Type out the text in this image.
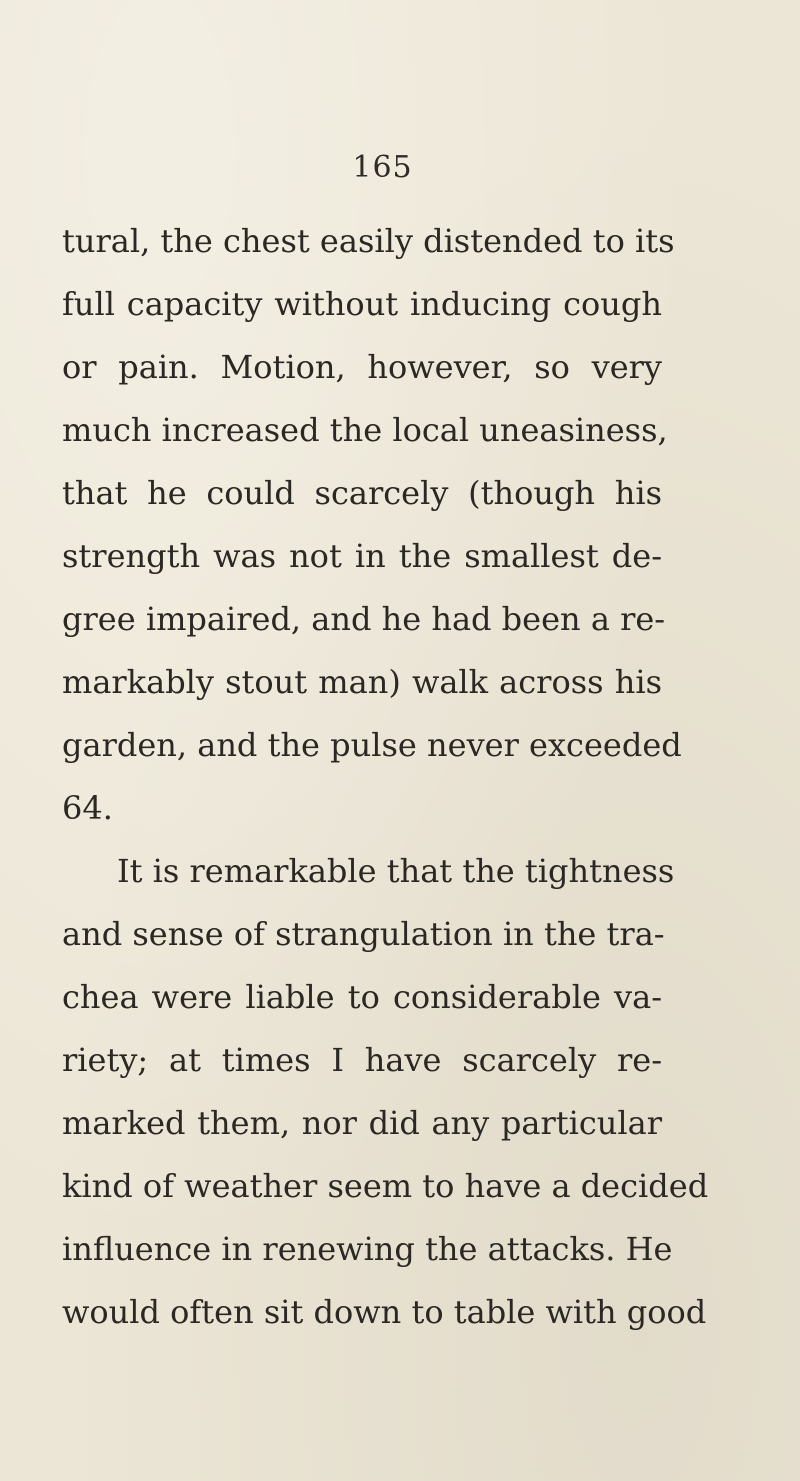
165
tural, the chest easily distended to its
full capacity without inducing cough
or pain. Motion, however, so very
much increased the local uneasiness,
that he could scarcely (though his
strength was not in the smallest de-
gree impaired, and he had been a re-
markably stout man) walk across his
garden, and the pulse never exceeded
64.
It is remarkable that the tightness
and sense of strangulation in the tra-
chea were liable to considerable va-
riety; at times I have scarcely re-
marked them, nor did any particular
kind of weather seem to have a decided
influence in renewing the attacks. He
would often sit down to table with good
